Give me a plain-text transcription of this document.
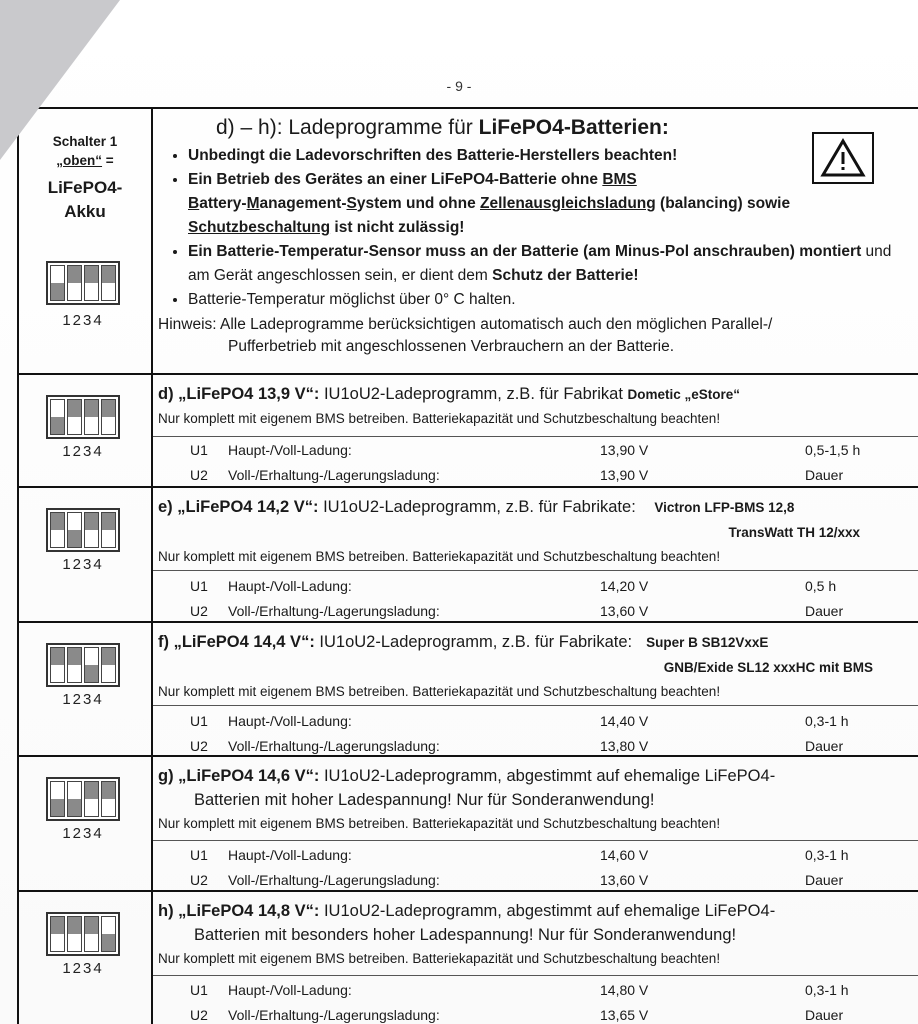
- 9 -
Schalter 1
„oben“ =
LiFePO4-
Akku
1234
d) – h): Ladeprogramme für LiFePO4-Batterien:
• Unbedingt die Ladevorschriften des Batterie-Herstellers beachten!
• Ein Betrieb des Gerätes an einer LiFePO4-Batterie ohne BMS
Battery-Management-System und ohne Zellenausgleichsladung (balancing) sowie
Schutzbeschaltung ist nicht zulässig!
• Ein Batterie-Temperatur-Sensor muss an der Batterie (am Minus-Pol anschrauben) montiert und am Gerät angeschlossen sein, er dient dem Schutz der Batterie!
• Batterie-Temperatur möglichst über 0° C halten.
Hinweis: Alle Ladeprogramme berücksichtigen automatisch auch den möglichen Parallel-/
Pufferbetrieb mit angeschlossenen Verbrauchern an der Batterie.
1234
d) „LiFePO4 13,9 V“: IU1oU2-Ladeprogramm, z.B. für Fabrikat Dometic „eStore“
Nur komplett mit eigenem BMS betreiben. Batteriekapazität und Schutzbeschaltung beachten!
U1 Haupt-/Voll-Ladung:	13,90 V	0,5-1,5 h
U2 Voll-/Erhaltung-/Lagerungsladung:	13,90 V	Dauer
1234
e) „LiFePO4 14,2 V“: IU1oU2-Ladeprogramm, z.B. für Fabrikate: Victron LFP-BMS 12,8
TransWatt TH 12/xxx
Nur komplett mit eigenem BMS betreiben. Batteriekapazität und Schutzbeschaltung beachten!
U1 Haupt-/Voll-Ladung:	14,20 V	0,5 h
U2 Voll-/Erhaltung-/Lagerungsladung:	13,60 V	Dauer
1234
f) „LiFePO4 14,4 V“: IU1oU2-Ladeprogramm, z.B. für Fabrikate: Super B SB12VxxE
GNB/Exide SL12 xxxHC mit BMS
Nur komplett mit eigenem BMS betreiben. Batteriekapazität und Schutzbeschaltung beachten!
U1 Haupt-/Voll-Ladung:	14,40 V	0,3-1 h
U2 Voll-/Erhaltung-/Lagerungsladung:	13,80 V	Dauer
1234
g) „LiFePO4 14,6 V“: IU1oU2-Ladeprogramm, abgestimmt auf ehemalige LiFePO4-
Batterien mit hoher Ladespannung! Nur für Sonderanwendung!
Nur komplett mit eigenem BMS betreiben. Batteriekapazität und Schutzbeschaltung beachten!
U1 Haupt-/Voll-Ladung:	14,60 V	0,3-1 h
U2 Voll-/Erhaltung-/Lagerungsladung:	13,60 V	Dauer
1234
h) „LiFePO4 14,8 V“: IU1oU2-Ladeprogramm, abgestimmt auf ehemalige LiFePO4-
Batterien mit besonders hoher Ladespannung! Nur für Sonderanwendung!
Nur komplett mit eigenem BMS betreiben. Batteriekapazität und Schutzbeschaltung beachten!
U1 Haupt-/Voll-Ladung:	14,80 V	0,3-1 h
U2 Voll-/Erhaltung-/Lagerungsladung:	13,65 V	Dauer
